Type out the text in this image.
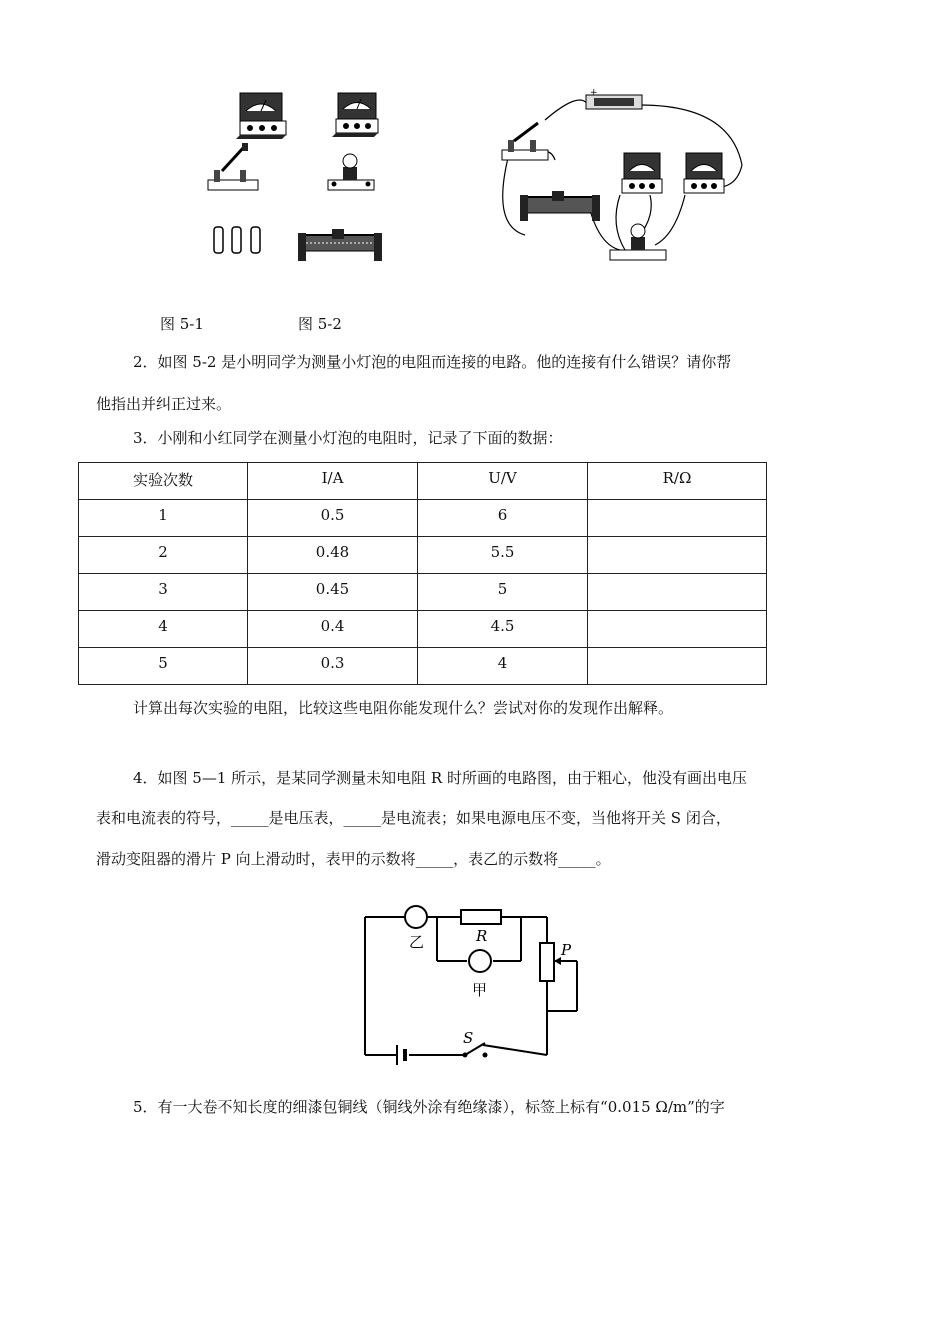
+
图 5-1	图 5-2
2．如图 5-2 是小明同学为测量小灯泡的电阻而连接的电路。他的连接有什么错误？请你帮
他指出并纠正过来。
3．小刚和小红同学在测量小灯泡的电阻时，记录了下面的数据：
实验次数	I/A	U/V	R/Ω
1	0.5	6	
2	0.48	5.5	
3	0.45	5	
4	0.4	4.5	
5	0.3	4	
计算出每次实验的电阻，比较这些电阻你能发现什么？尝试对你的发现作出解释。
4．如图 5—1 所示，是某同学测量未知电阻 R 时所画的电路图，由于粗心，他没有画出电压
表和电流表的符号，_____是电压表，_____是电流表；如果电源电压不变，当他将开关 S 闭合，
滑动变阻器的滑片 P 向上滑动时，表甲的示数将_____，表乙的示数将_____。
乙	R
甲
P
S
5．有一大卷不知长度的细漆包铜线（铜线外涂有绝缘漆），标签上标有“0.015 Ω/m”的字
